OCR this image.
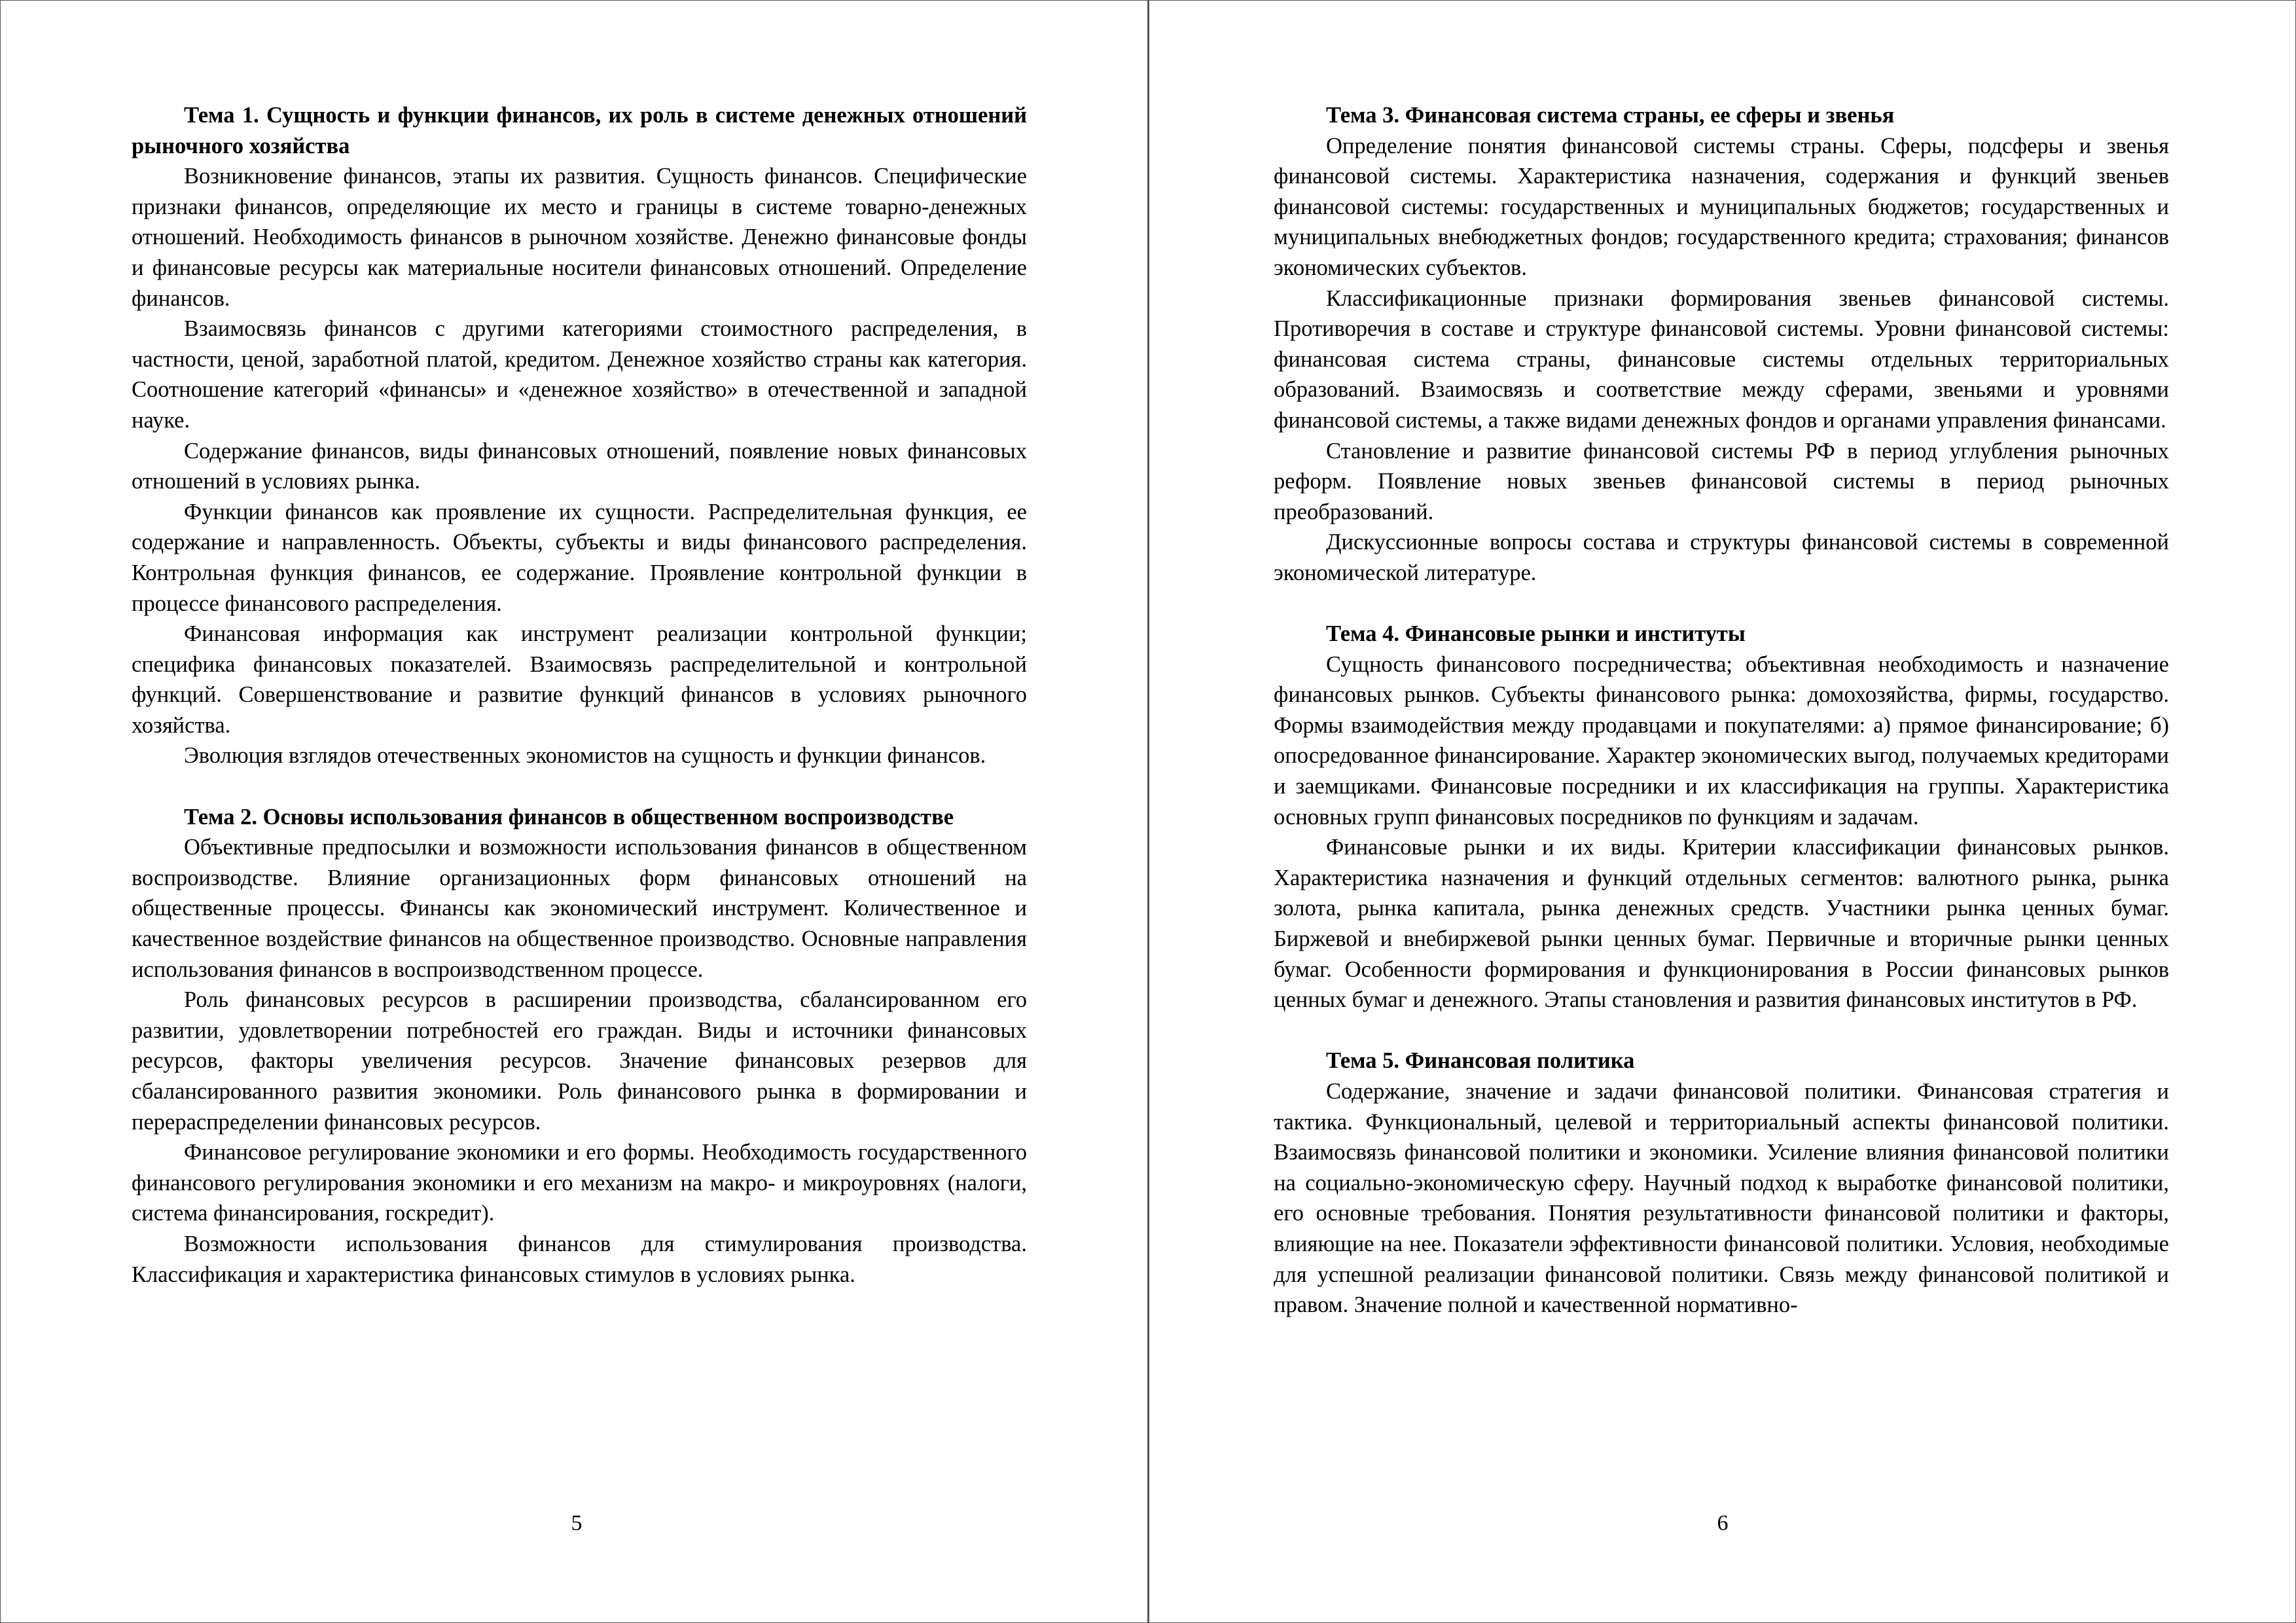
Тема 1. Сущность и функции финансов, их роль в системе денежных отношений рыночного хозяйства

Возникновение финансов, этапы их развития. Сущность финансов. Специфические признаки финансов, определяющие их место и границы в системе товарно-денежных отношений. Необходимость финансов в рыночном хозяйстве. Денежно финансовые фонды и финансовые ресурсы как материальные носители финансовых отношений. Определение финансов.

Взаимосвязь финансов с другими категориями стоимостного распределения, в частности, ценой, заработной платой, кредитом. Денежное хозяйство страны как категория. Соотношение категорий «финансы» и «денежное хозяйство» в отечественной и западной науке.

Содержание финансов, виды финансовых отношений, появление новых финансовых отношений в условиях рынка.

Функции финансов как проявление их сущности. Распределительная функция, ее содержание и направленность. Объекты, субъекты и виды финансового распределения. Контрольная функция финансов, ее содержание. Проявление контрольной функции в процессе финансового распределения.

Финансовая информация как инструмент реализации контрольной функции; специфика финансовых показателей. Взаимосвязь распределительной и контрольной функций. Совершенствование и развитие функций финансов в условиях рыночного хозяйства.

Эволюция взглядов отечественных экономистов на сущность и функции финансов.

Тема 2. Основы использования финансов в общественном воспроизводстве

Объективные предпосылки и возможности использования финансов в общественном воспроизводстве. Влияние организационных форм финансовых отношений на общественные процессы. Финансы как экономический инструмент. Количественное и качественное воздействие финансов на общественное производство. Основные направления использования финансов в воспроизводственном процессе.

Роль финансовых ресурсов в расширении производства, сбалансированном его развитии, удовлетворении потребностей его граждан. Виды и источники финансовых ресурсов, факторы увеличения ресурсов. Значение финансовых резервов для сбалансированного развития экономики. Роль финансового рынка в формировании и перераспределении финансовых ресурсов.

Финансовое регулирование экономики и его формы. Необходимость государственного финансового регулирования экономики и его механизм на макро- и микроуровнях (налоги, система финансирования, госкредит).

Возможности использования финансов для стимулирования производства. Классификация и характеристика финансовых стимулов в условиях рынка.

5

Тема 3. Финансовая система страны, ее сферы и звенья

Определение понятия финансовой системы страны. Сферы, подсферы и звенья финансовой системы. Характеристика назначения, содержания и функций звеньев финансовой системы: государственных и муниципальных бюджетов; государственных и муниципальных внебюджетных фондов; государственного кредита; страхования; финансов экономических субъектов.

Классификационные признаки формирования звеньев финансовой системы. Противоречия в составе и структуре финансовой системы. Уровни финансовой системы: финансовая система страны, финансовые системы отдельных территориальных образований. Взаимосвязь и соответствие между сферами, звеньями и уровнями финансовой системы, а также видами денежных фондов и органами управления финансами.

Становление и развитие финансовой системы РФ в период углубления рыночных реформ. Появление новых звеньев финансовой системы в период рыночных преобразований.

Дискуссионные вопросы состава и структуры финансовой системы в современной экономической литературе.

Тема 4. Финансовые рынки и институты

Сущность финансового посредничества; объективная необходимость и назначение финансовых рынков. Субъекты финансового рынка: домохозяйства, фирмы, государство. Формы взаимодействия между продавцами и покупателями: а) прямое финансирование; б) опосредованное финансирование. Характер экономических выгод, получаемых кредиторами и заемщиками. Финансовые посредники и их классификация на группы. Характеристика основных групп финансовых посредников по функциям и задачам.

Финансовые рынки и их виды. Критерии классификации финансовых рынков. Характеристика назначения и функций отдельных сегментов: валютного рынка, рынка золота, рынка капитала, рынка денежных средств. Участники рынка ценных бумаг. Биржевой и внебиржевой рынки ценных бумаг. Первичные и вторичные рынки ценных бумаг. Особенности формирования и функционирования в России финансовых рынков ценных бумаг и денежного. Этапы становления и развития финансовых институтов в РФ.

Тема 5. Финансовая политика

Содержание, значение и задачи финансовой политики. Финансовая стратегия и тактика. Функциональный, целевой и территориальный аспекты финансовой политики. Взаимосвязь финансовой политики и экономики. Усиление влияния финансовой политики на социально-экономическую сферу. Научный подход к выработке финансовой политики, его основные требования. Понятия результативности финансовой политики и факторы, влияющие на нее. Показатели эффективности финансовой политики. Условия, необходимые для успешной реализации финансовой политики. Связь между финансовой политикой и правом. Значение полной и качественной нормативно-

6
